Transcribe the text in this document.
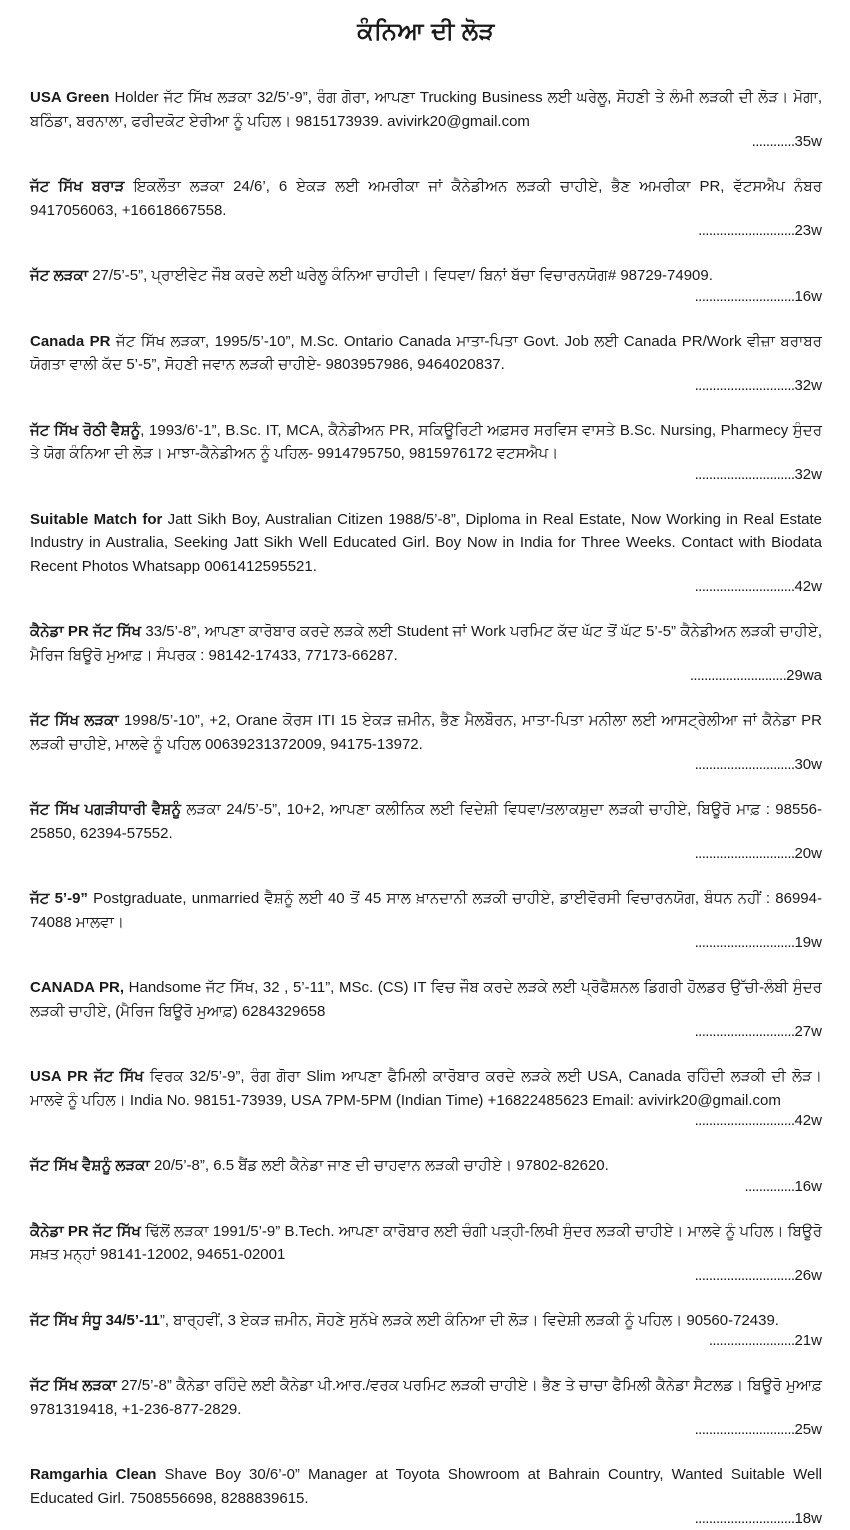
ਕੰਨਿਆ ਦੀ ਲੋੜ

USA Green Holder ਜੱਟ ਸਿੱਖ ਲੜਕਾ 32/5’-9”, ਰੰਗ ਗੋਰਾ, ਆਪਣਾ Trucking Business ਲਈ ਘਰੇਲੂ, ਸੋਹਣੀ ਤੇ ਲੰਮੀ ਲੜਕੀ ਦੀ ਲੋੜ। ਮੋਗਾ, ਬਠਿੰਡਾ, ਬਰਨਾਲਾ, ਫਰੀਦਕੋਟ ਏਰੀਆ ਨੂੰ ਪਹਿਲ। 9815173939. avivirk20@gmail.com

............35w

ਜੱਟ ਸਿੱਖ ਬਰਾੜ ਇਕਲੌਤਾ ਲੜਕਾ 24/6’, 6 ਏਕੜ ਲਈ ਅਮਰੀਕਾ ਜਾਂ ਕੈਨੇਡੀਅਨ ਲੜਕੀ ਚਾਹੀਏ, ਭੈਣ ਅਮਰੀਕਾ PR, ਵੱਟਸਐਪ ਨੰਬਰ 9417056063, +16618667558.

...........................23w

ਜੱਟ ਲੜਕਾ 27/5’-5”, ਪ੍ਰਾਈਵੇਟ ਜੌਬ ਕਰਦੇ ਲਈ ਘਰੇਲੂ ਕੰਨਿਆ ਚਾਹੀਦੀ। ਵਿਧਵਾ/ ਬਿਨਾਂ ਬੱਚਾ ਵਿਚਾਰਨਯੋਗ# 98729-74909.

............................16w

Canada PR ਜੱਟ ਸਿੱਖ ਲੜਕਾ, 1995/5’-10”, M.Sc. Ontario Canada ਮਾਤਾ-ਪਿਤਾ Govt. Job ਲਈ Canada PR/Work ਵੀਜ਼ਾ ਬਰਾਬਰ ਯੋਗਤਾ ਵਾਲੀ ਕੱਦ 5’-5”, ਸੋਹਣੀ ਜਵਾਨ ਲੜਕੀ ਚਾਹੀਏ- 9803957986, 9464020837.

............................32w

ਜੱਟ ਸਿੱਖ ਰੋਠੀ ਵੈਸ਼ਨੂੰ, 1993/6’-1”, B.Sc. IT, MCA, ਕੈਨੇਡੀਅਨ PR, ਸਕਿਊਰਿਟੀ ਅਫ਼ਸਰ ਸਰਵਿਸ ਵਾਸਤੇ B.Sc. Nursing, Pharmecy ਸੁੰਦਰ ਤੇ ਯੋਗ ਕੰਨਿਆ ਦੀ ਲੋੜ। ਮਾਝਾ-ਕੈਨੇਡੀਅਨ ਨੂੰ ਪਹਿਲ- 9914795750, 9815976172 ਵਟਸਐਪ।

............................32w

Suitable Match for Jatt Sikh Boy, Australian Citizen 1988/5’-8”, Diploma in Real Estate, Now Working in Real Estate Industry in Australia, Seeking Jatt Sikh Well Educated Girl. Boy Now in India for Three Weeks. Contact with Biodata Recent Photos Whatsapp 0061412595521.

............................42w

ਕੈਨੇਡਾ PR ਜੱਟ ਸਿੱਖ 33/5’-8”, ਆਪਣਾ ਕਾਰੋਬਾਰ ਕਰਦੇ ਲੜਕੇ ਲਈ Student ਜਾਂ Work ਪਰਮਿਟ ਕੱਦ ਘੱਟ ਤੋਂ ਘੱਟ 5’-5” ਕੈਨੇਡੀਅਨ ਲੜਕੀ ਚਾਹੀਏ, ਮੈਰਿਜ ਬਿਊਰੋ ਮੁਆਫ਼। ਸੰਪਰਕ : 98142-17433, 77173-66287.

...........................29wa

ਜੱਟ ਸਿੱਖ ਲੜਕਾ 1998/5’-10”, +2, Orane ਕੋਰਸ ITI 15 ਏਕੜ ਜ਼ਮੀਨ, ਭੈਣ ਮੈਲਬੌਰਨ, ਮਾਤਾ-ਪਿਤਾ ਮਨੀਲਾ ਲਈ ਆਸਟ੍ਰੇਲੀਆ ਜਾਂ ਕੈਨੇਡਾ PR ਲੜਕੀ ਚਾਹੀਏ, ਮਾਲਵੇ ਨੂੰ ਪਹਿਲ 00639231372009, 94175-13972.

............................30w

ਜੱਟ ਸਿੱਖ ਪਗੜੀਧਾਰੀ ਵੈਸ਼ਨੂੰ ਲੜਕਾ 24/5’-5”, 10+2, ਆਪਣਾ ਕਲੀਨਿਕ ਲਈ ਵਿਦੇਸ਼ੀ ਵਿਧਵਾ/ਤਲਾਕਸ਼ੁਦਾ ਲੜਕੀ ਚਾਹੀਏ, ਬਿਊਰੋ ਮਾਫ਼ : 98556-25850, 62394-57552.

............................20w

ਜੱਟ 5’-9” Postgraduate, unmarried ਵੈਸ਼ਨੂੰ ਲਈ 40 ਤੋਂ 45 ਸਾਲ ਖ਼ਾਨਦਾਨੀ ਲੜਕੀ ਚਾਹੀਏ, ਡਾਈਵੋਰਸੀ ਵਿਚਾਰਨਯੋਗ, ਬੰਧਨ ਨਹੀਂ : 86994-74088 ਮਾਲਵਾ।

............................19w

CANADA PR, Handsome ਜੱਟ ਸਿੱਖ, 32 , 5’-11”, MSc. (CS) IT ਵਿਚ ਜੌਬ ਕਰਦੇ ਲੜਕੇ ਲਈ ਪ੍ਰੋਫੈਸ਼ਨਲ ਡਿਗਰੀ ਹੋਲਡਰ ਉੱਚੀ-ਲੰਬੀ ਸੁੰਦਰ ਲੜਕੀ ਚਾਹੀਏ, (ਮੈਰਿਜ ਬਿਊਰੋ ਮੁਆਫ਼) 6284329658

............................27w

USA PR ਜੱਟ ਸਿੱਖ ਵਿਰਕ 32/5’-9”, ਰੰਗ ਗੋਰਾ Slim ਆਪਣਾ ਫੈਮਿਲੀ ਕਾਰੋਬਾਰ ਕਰਦੇ ਲੜਕੇ ਲਈ USA, Canada ਰਹਿੰਦੀ ਲੜਕੀ ਦੀ ਲੋੜ। ਮਾਲਵੇ ਨੂੰ ਪਹਿਲ। India No. 98151-73939, USA 7PM-5PM (Indian Time) +16822485623 Email: avivirk20@gmail.com

............................42w

ਜੱਟ ਸਿੱਖ ਵੈਸ਼ਨੂੰ ਲੜਕਾ 20/5’-8”, 6.5 ਬੈਂਡ ਲਈ ਕੈਨੇਡਾ ਜਾਣ ਦੀ ਚਾਹਵਾਨ ਲੜਕੀ ਚਾਹੀਏ। 97802-82620.

..............16w

ਕੈਨੇਡਾ PR ਜੱਟ ਸਿੱਖ ਢਿੱਲੋਂ ਲੜਕਾ 1991/5’-9” B.Tech. ਆਪਣਾ ਕਾਰੋਬਾਰ ਲਈ ਚੰਗੀ ਪੜ੍ਹੀ-ਲਿਖੀ ਸੁੰਦਰ ਲੜਕੀ ਚਾਹੀਏ। ਮਾਲਵੇ ਨੂੰ ਪਹਿਲ। ਬਿਊਰੋ ਸਖ਼ਤ ਮਨ੍ਹਾਂ 98141-12002, 94651-02001

............................26w

ਜੱਟ ਸਿੱਖ ਸੰਧੂ 34/5’-11”, ਬਾਰ੍ਹਵੀਂ, 3 ਏਕੜ ਜ਼ਮੀਨ, ਸੋਹਣੇ ਸੁਨੱਖੇ ਲੜਕੇ ਲਈ ਕੰਨਿਆ ਦੀ ਲੋੜ। ਵਿਦੇਸ਼ੀ ਲੜਕੀ ਨੂੰ ਪਹਿਲ। 90560-72439.

........................21w

ਜੱਟ ਸਿੱਖ ਲੜਕਾ 27/5’-8” ਕੈਨੇਡਾ ਰਹਿੰਦੇ ਲਈ ਕੈਨੇਡਾ ਪੀ.ਆਰ./ਵਰਕ ਪਰਮਿਟ ਲੜਕੀ ਚਾਹੀਏ। ਭੈਣ ਤੇ ਚਾਚਾ ਫੈਮਿਲੀ ਕੈਨੇਡਾ ਸੈਟਲਡ। ਬਿਊਰੋ ਮੁਆਫ਼ 9781319418, +1-236-877-2829.

............................25w

Ramgarhia Clean Shave Boy 30/6’-0” Manager at Toyota Showroom at Bahrain Country, Wanted Suitable Well Educated Girl. 7508556698, 8288839615.

............................18w
